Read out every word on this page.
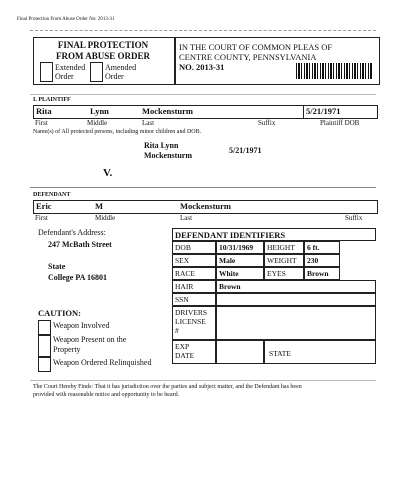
Final Protection From Abuse Order No: 2013-31
FINAL PROTECTION
FROM ABUSE ORDER
Extended
Order
Amended
Order
IN THE COURT OF COMMON PLEAS OF
CENTRE COUNTY, PENNSYLVANIA
NO. 2013-31
I. PLAINTIFF
Rita	Lynn	Mockensturm	5/21/1971
First	Middle	Last	Suffix	Plaintiff DOB
Name(s) of All protected persons, including minor children and DOB.
Rita Lynn
Mockensturm
5/21/1971
V.
DEFENDANT
Eric	M	Mockensturm
First	Middle	Last	Suffix
Defendant's Address:
247 McBath Street
State
College PA 16801
DEFENDANT IDENTIFIERS
DOB	10/31/1969	HEIGHT	6 ft.
SEX	Male	WEIGHT	230
RACE	White	EYES	Brown
HAIR	Brown
SSN
DRIVERS
LICENSE
#
EXP
DATE	STATE
CAUTION:
Weapon Involved
Weapon Present on the
Property
Weapon Ordered Relinquished
The Court Hereby Finds: That it has jurisdiction over the parties and subject matter, and the Defendant has been
provided with reasonable notice and opportunity to be heard.
